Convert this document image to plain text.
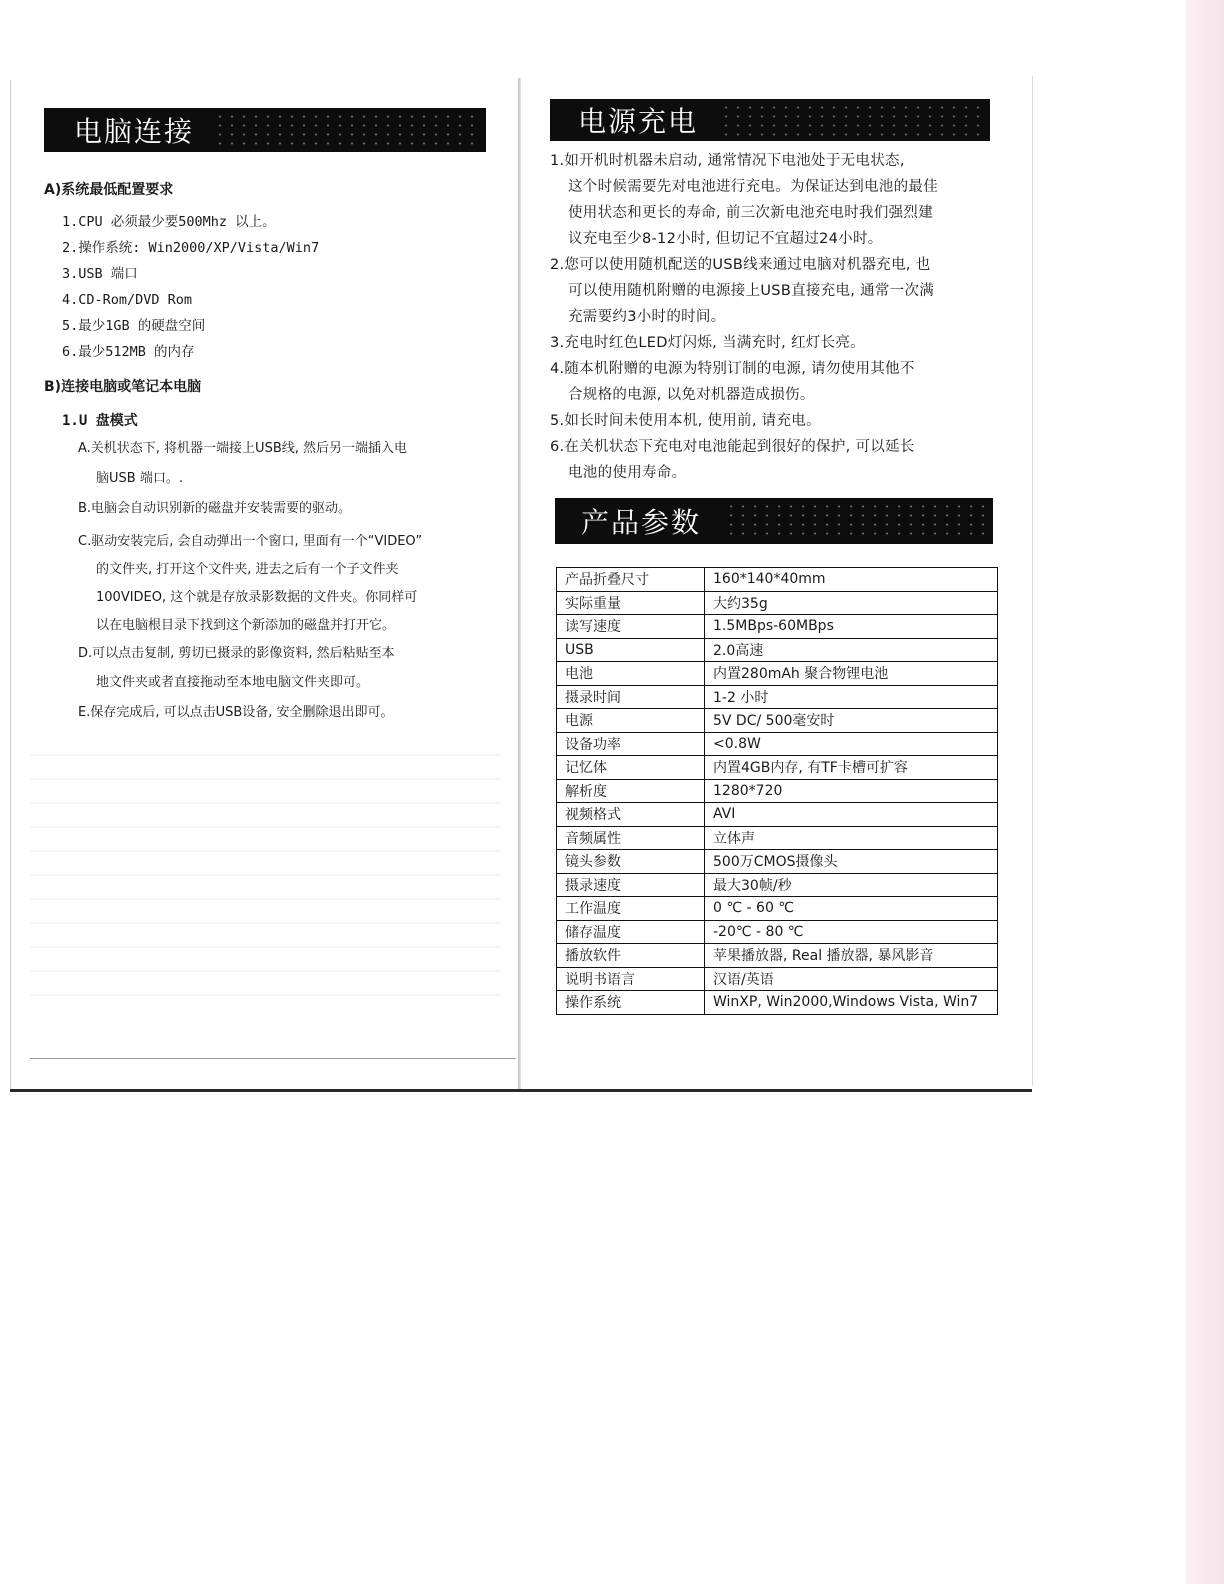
电脑连接
A)系统最低配置要求
1.CPU 必须最少要500Mhz 以上。
2.操作系统: Win2000/XP/Vista/Win7
3.USB 端口
4.CD-Rom/DVD Rom
5.最少1GB 的硬盘空间
6.最少512MB 的内存
B)连接电脑或笔记本电脑
1.U 盘模式
A.关机状态下, 将机器一端接上USB线, 然后另一端插入电
脑USB 端口。.
B.电脑会自动识别新的磁盘并安装需要的驱动。
C.驱动安装完后, 会自动弹出一个窗口, 里面有一个“VIDEO”
的文件夹, 打开这个文件夹, 进去之后有一个子文件夹
100VIDEO, 这个就是存放录影数据的文件夹。你同样可
以在电脑根目录下找到这个新添加的磁盘并打开它。
D.可以点击复制, 剪切已摄录的影像资料, 然后粘贴至本
地文件夹或者直接拖动至本地电脑文件夹即可。
E.保存完成后, 可以点击USB设备, 安全删除退出即可。
电源充电
1.如开机时机器未启动, 通常情况下电池处于无电状态,
这个时候需要先对电池进行充电。为保证达到电池的最佳
使用状态和更长的寿命, 前三次新电池充电时我们强烈建
议充电至少8-12小时, 但切记不宜超过24小时。
2.您可以使用随机配送的USB线来通过电脑对机器充电, 也
可以使用随机附赠的电源接上USB直接充电, 通常一次满
充需要约3小时的时间。
3.充电时红色LED灯闪烁, 当满充时, 红灯长亮。
4.随本机附赠的电源为特别订制的电源, 请勿使用其他不
合规格的电源, 以免对机器造成损伤。
5.如长时间未使用本机, 使用前, 请充电。
6.在关机状态下充电对电池能起到很好的保护, 可以延长
电池的使用寿命。
产品参数
产品折叠尺寸	160*140*40mm
实际重量	大约35g
读写速度	1.5MBps-60MBps
USB	2.0高速
电池	内置280mAh 聚合物锂电池
摄录时间	1-2 小时
电源	5V DC/ 500毫安时
设备功率	<0.8W
记忆体	内置4GB内存, 有TF卡槽可扩容
解析度	1280*720
视频格式	AVI
音频属性	立体声
镜头参数	500万CMOS摄像头
摄录速度	最大30帧/秒
工作温度	0 ℃ - 60 ℃
储存温度	-20℃ - 80 ℃
播放软件	苹果播放器, Real 播放器, 暴风影音
说明书语言	汉语/英语
操作系统	WinXP, Win2000,Windows Vista, Win7
